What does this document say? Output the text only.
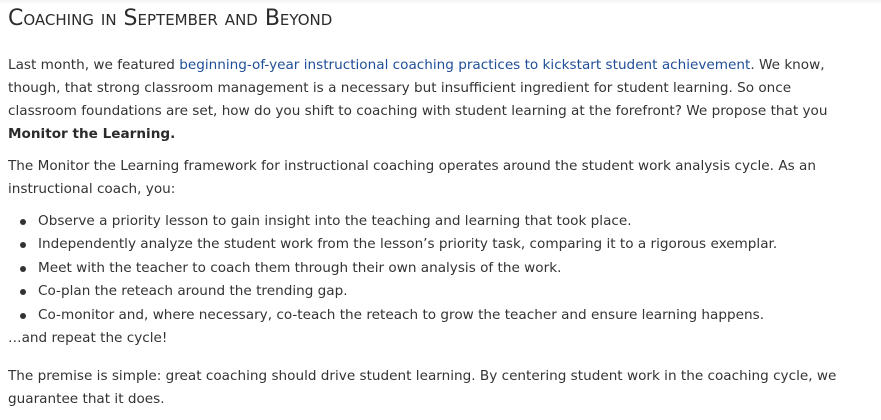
Coaching in September and Beyond

Last month, we featured beginning-of-year instructional coaching practices to kickstart student achievement. We know, though, that strong classroom management is a necessary but insufficient ingredient for student learning. So once classroom foundations are set, how do you shift to coaching with student learning at the forefront? We propose that you Monitor the Learning.

The Monitor the Learning framework for instructional coaching operates around the student work analysis cycle. As an instructional coach, you:

Observe a priority lesson to gain insight into the teaching and learning that took place.
Independently analyze the student work from the lesson’s priority task, comparing it to a rigorous exemplar.
Meet with the teacher to coach them through their own analysis of the work.
Co-plan the reteach around the trending gap.
Co-monitor and, where necessary, co-teach the reteach to grow the teacher and ensure learning happens.
…and repeat the cycle!

The premise is simple: great coaching should drive student learning. By centering student work in the coaching cycle, we guarantee that it does.
